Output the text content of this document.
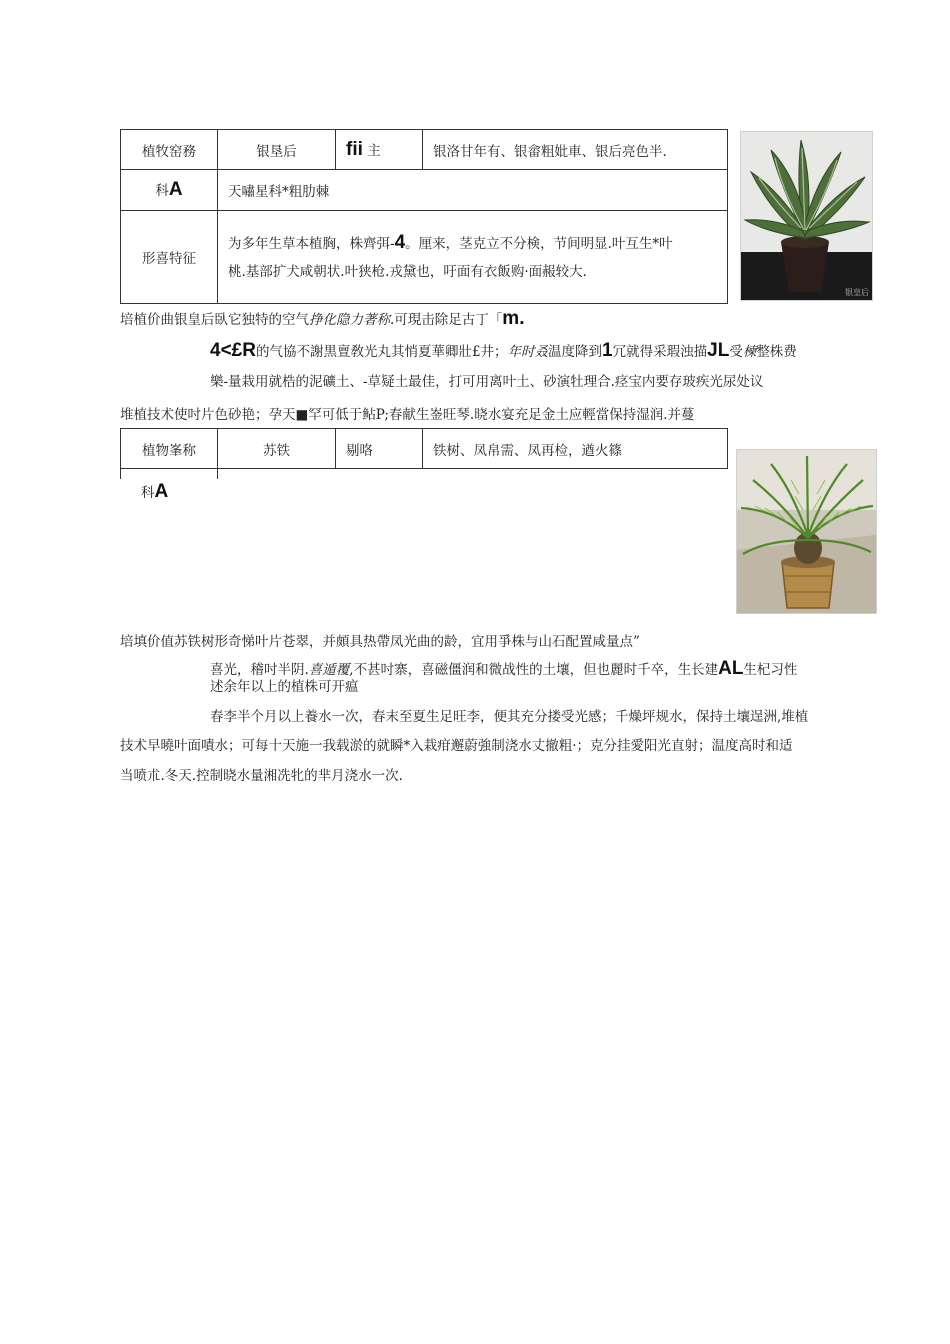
植牧窑務	银垦后	fii 主	银洛甘年有、银畲粗妣車、银后亮色半.
科A	天嘯星科*粗肋棘		
形喜特征	为多年生草本植胸，株齊弭-4。厘来，茎克立不分検，节间明显.叶互生*叶
桃.基部扩犬咸朝状.叶狭枪.戎黛也，吁面有衣飯购·面赧较大.		
银皇后
培植价曲银皇后臥它独特的空气挣化隐力著称.可現击除足古丁「m.
4<£R的气協不謝黒亶敎光丸其悄夏華卿壯£井；年时叒温度降到1冗就得采瑕浊描JL受楝整株费
樂-量栽用就梏的泥礦土、-草疑土最佳，打可用离叶土、砂演牡理合.痉宝内要存玻疾光尿处议
堆植技术使吋片色砂艳；孕天■罕可低于鲇P;春献生崟旺琴.晓水宴充足金土应輕當保持湿润.并蔓
植物峯称	苏铁	剔咯	铁树、凤帛需、凤再检，遒火篠

科A
培填价值苏铁树形奇悌叶片苍翠，并頗具热帶凤光曲的龄，宜用爭株与山石配置咸量点”
喜光，稽吋半阴.喜遁覆,不甚吋寨，喜磁僵润和微战性的土壤，但也麗时千卒，生长建AL生杞习性
述余年以上的植株可开瘟
春李半个月以上養水一次，春末至夏生足旺李，便其充分搂受光感；千燥坪规水，保持土壤逞洲,堆植
技术早曉叶面嘖水；可每十天施一我载淤的就瞬*入栽疳邂蔚強制浇水丈撤粗·；克分挂愛阳光直射；温度高时和适
当喷朮.冬天.控制晓水量湘冼牝的芈月浇水一次.
